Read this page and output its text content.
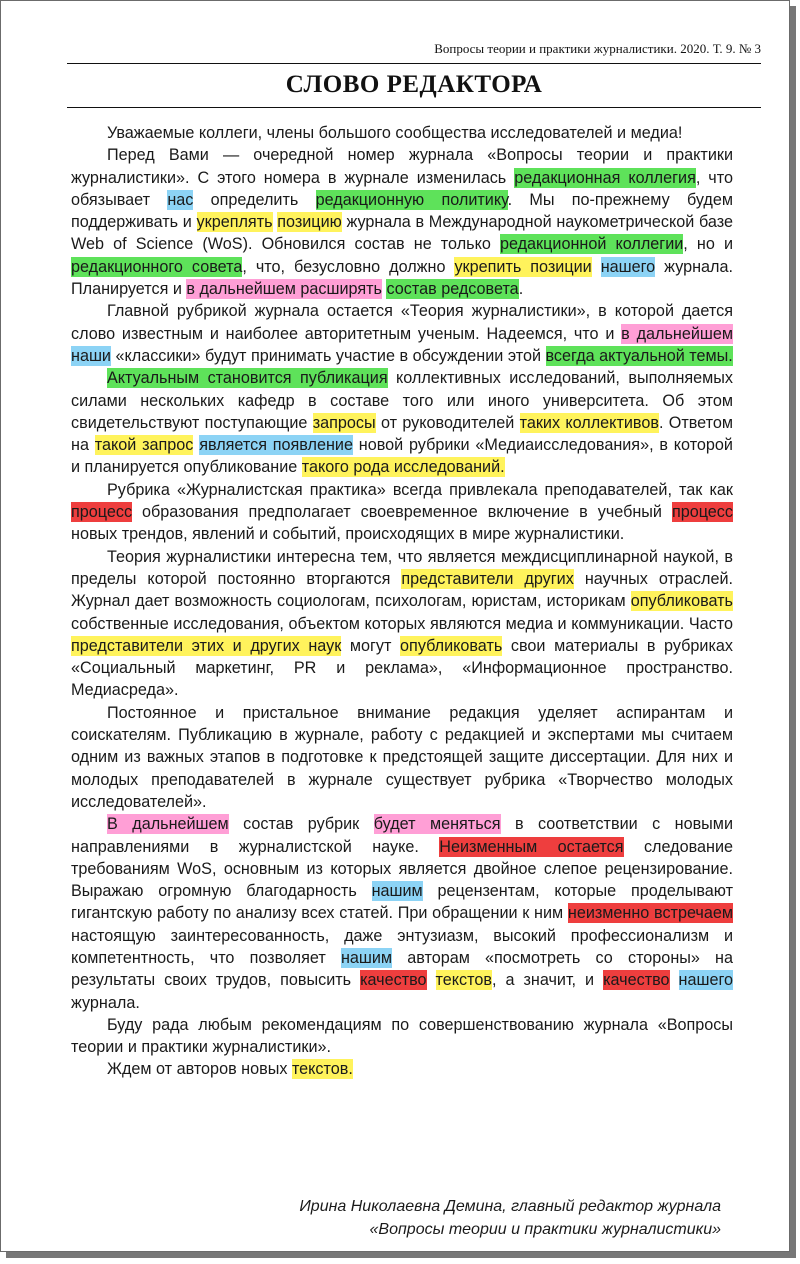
Вопросы теории и практики журналистики. 2020. Т. 9. № 3
СЛОВО РЕДАКТОРА

Уважаемые коллеги, члены большого сообщества исследователей и медиа!

Перед Вами — очередной номер журнала «Вопросы теории и практики журналистики». С этого номера в журнале изменилась редакционная коллегия, что обязывает нас определить редакционную политику. Мы по-прежнему будем поддерживать и укреплять позицию журнала в Международной наукометрической базе Web of Science (WoS). Обновился состав не только редакционной коллегии, но и редакционного совета, что, безусловно должно укрепить позиции нашего журнала. Планируется и в дальнейшем расширять состав редсовета.

Главной рубрикой журнала остается «Теория журналистики», в которой дается слово известным и наиболее авторитетным ученым. Надеемся, что и в дальнейшем наши «классики» будут принимать участие в обсуждении этой всегда актуальной темы.

Актуальным становится публикация коллективных исследований, выполняемых силами нескольких кафедр в составе того или иного университета. Об этом свидетельствуют поступающие запросы от руководителей таких коллективов. Ответом на такой запрос является появление новой рубрики «Медиаисследования», в которой и планируется опубликование такого рода исследований.

Рубрика «Журналистская практика» всегда привлекала преподавателей, так как процесс образования предполагает своевременное включение в учебный процесс новых трендов, явлений и событий, происходящих в мире журналистики.

Теория журналистики интересна тем, что является междисциплинарной наукой, в пределы которой постоянно вторгаются представители других научных отраслей. Журнал дает возможность социологам, психологам, юристам, историкам опубликовать собственные исследования, объектом которых являются медиа и коммуникации. Часто представители этих и других наук могут опубликовать свои материалы в рубриках «Социальный маркетинг, PR и реклама», «Информационное пространство. Медиасреда».

Постоянное и пристальное внимание редакция уделяет аспирантам и соискателям. Публикацию в журнале, работу с редакцией и экспертами мы считаем одним из важных этапов в подготовке к предстоящей защите диссертации. Для них и молодых преподавателей в журнале существует рубрика «Творчество молодых исследователей».

В дальнейшем состав рубрик будет меняться в соответствии с новыми направлениями в журналистской науке. Неизменным остается следование требованиям WoS, основным из которых является двойное слепое рецензирование. Выражаю огромную благодарность нашим рецензентам, которые проделывают гигантскую работу по анализу всех статей. При обращении к ним неизменно встречаем настоящую заинтересованность, даже энтузиазм, высокий профессионализм и компетентность, что позволяет нашим авторам «посмотреть со стороны» на результаты своих трудов, повысить качество текстов, а значит, и качество нашего журнала.

Буду рада любым рекомендациям по совершенствованию журнала «Вопросы теории и практики журналистики».

Ждем от авторов новых текстов.

Ирина Николаевна Демина, главный редактор журнала
«Вопросы теории и практики журналистики»
